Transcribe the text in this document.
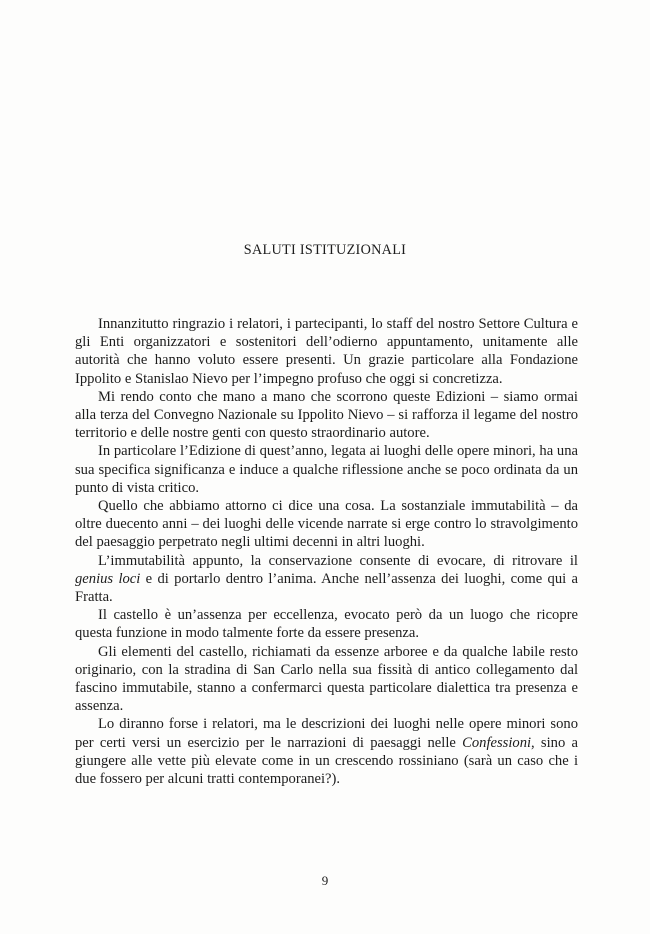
SALUTI ISTITUZIONALI

Innanzitutto ringrazio i relatori, i partecipanti, lo staff del nostro Settore Cultura e gli Enti organizzatori e sostenitori dell’odierno appuntamento, unitamente alle autorità che hanno voluto essere presenti. Un grazie particolare alla Fondazione Ippolito e Stanislao Nievo per l’impegno profuso che oggi si concretizza.

Mi rendo conto che mano a mano che scorrono queste Edizioni – siamo ormai alla terza del Convegno Nazionale su Ippolito Nievo – si rafforza il legame del nostro territorio e delle nostre genti con questo straordinario autore.

In particolare l’Edizione di quest’anno, legata ai luoghi delle opere minori, ha una sua specifica significanza e induce a qualche riflessione anche se poco ordinata da un punto di vista critico.

Quello che abbiamo attorno ci dice una cosa. La sostanziale immutabilità – da oltre duecento anni – dei luoghi delle vicende narrate si erge contro lo stravolgimento del paesaggio perpetrato negli ultimi decenni in altri luoghi.

L’immutabilità appunto, la conservazione consente di evocare, di ritrovare il genius loci e di portarlo dentro l’anima. Anche nell’assenza dei luoghi, come qui a Fratta.

Il castello è un’assenza per eccellenza, evocato però da un luogo che ricopre questa funzione in modo talmente forte da essere presenza.

Gli elementi del castello, richiamati da essenze arboree e da qualche labile resto originario, con la stradina di San Carlo nella sua fissità di antico collegamento dal fascino immutabile, stanno a confermarci questa particolare dialettica tra presenza e assenza.

Lo diranno forse i relatori, ma le descrizioni dei luoghi nelle opere minori sono per certi versi un esercizio per le narrazioni di paesaggi nelle Confessioni, sino a giungere alle vette più elevate come in un crescendo rossiniano (sarà un caso che i due fossero per alcuni tratti contemporanei?).

9
